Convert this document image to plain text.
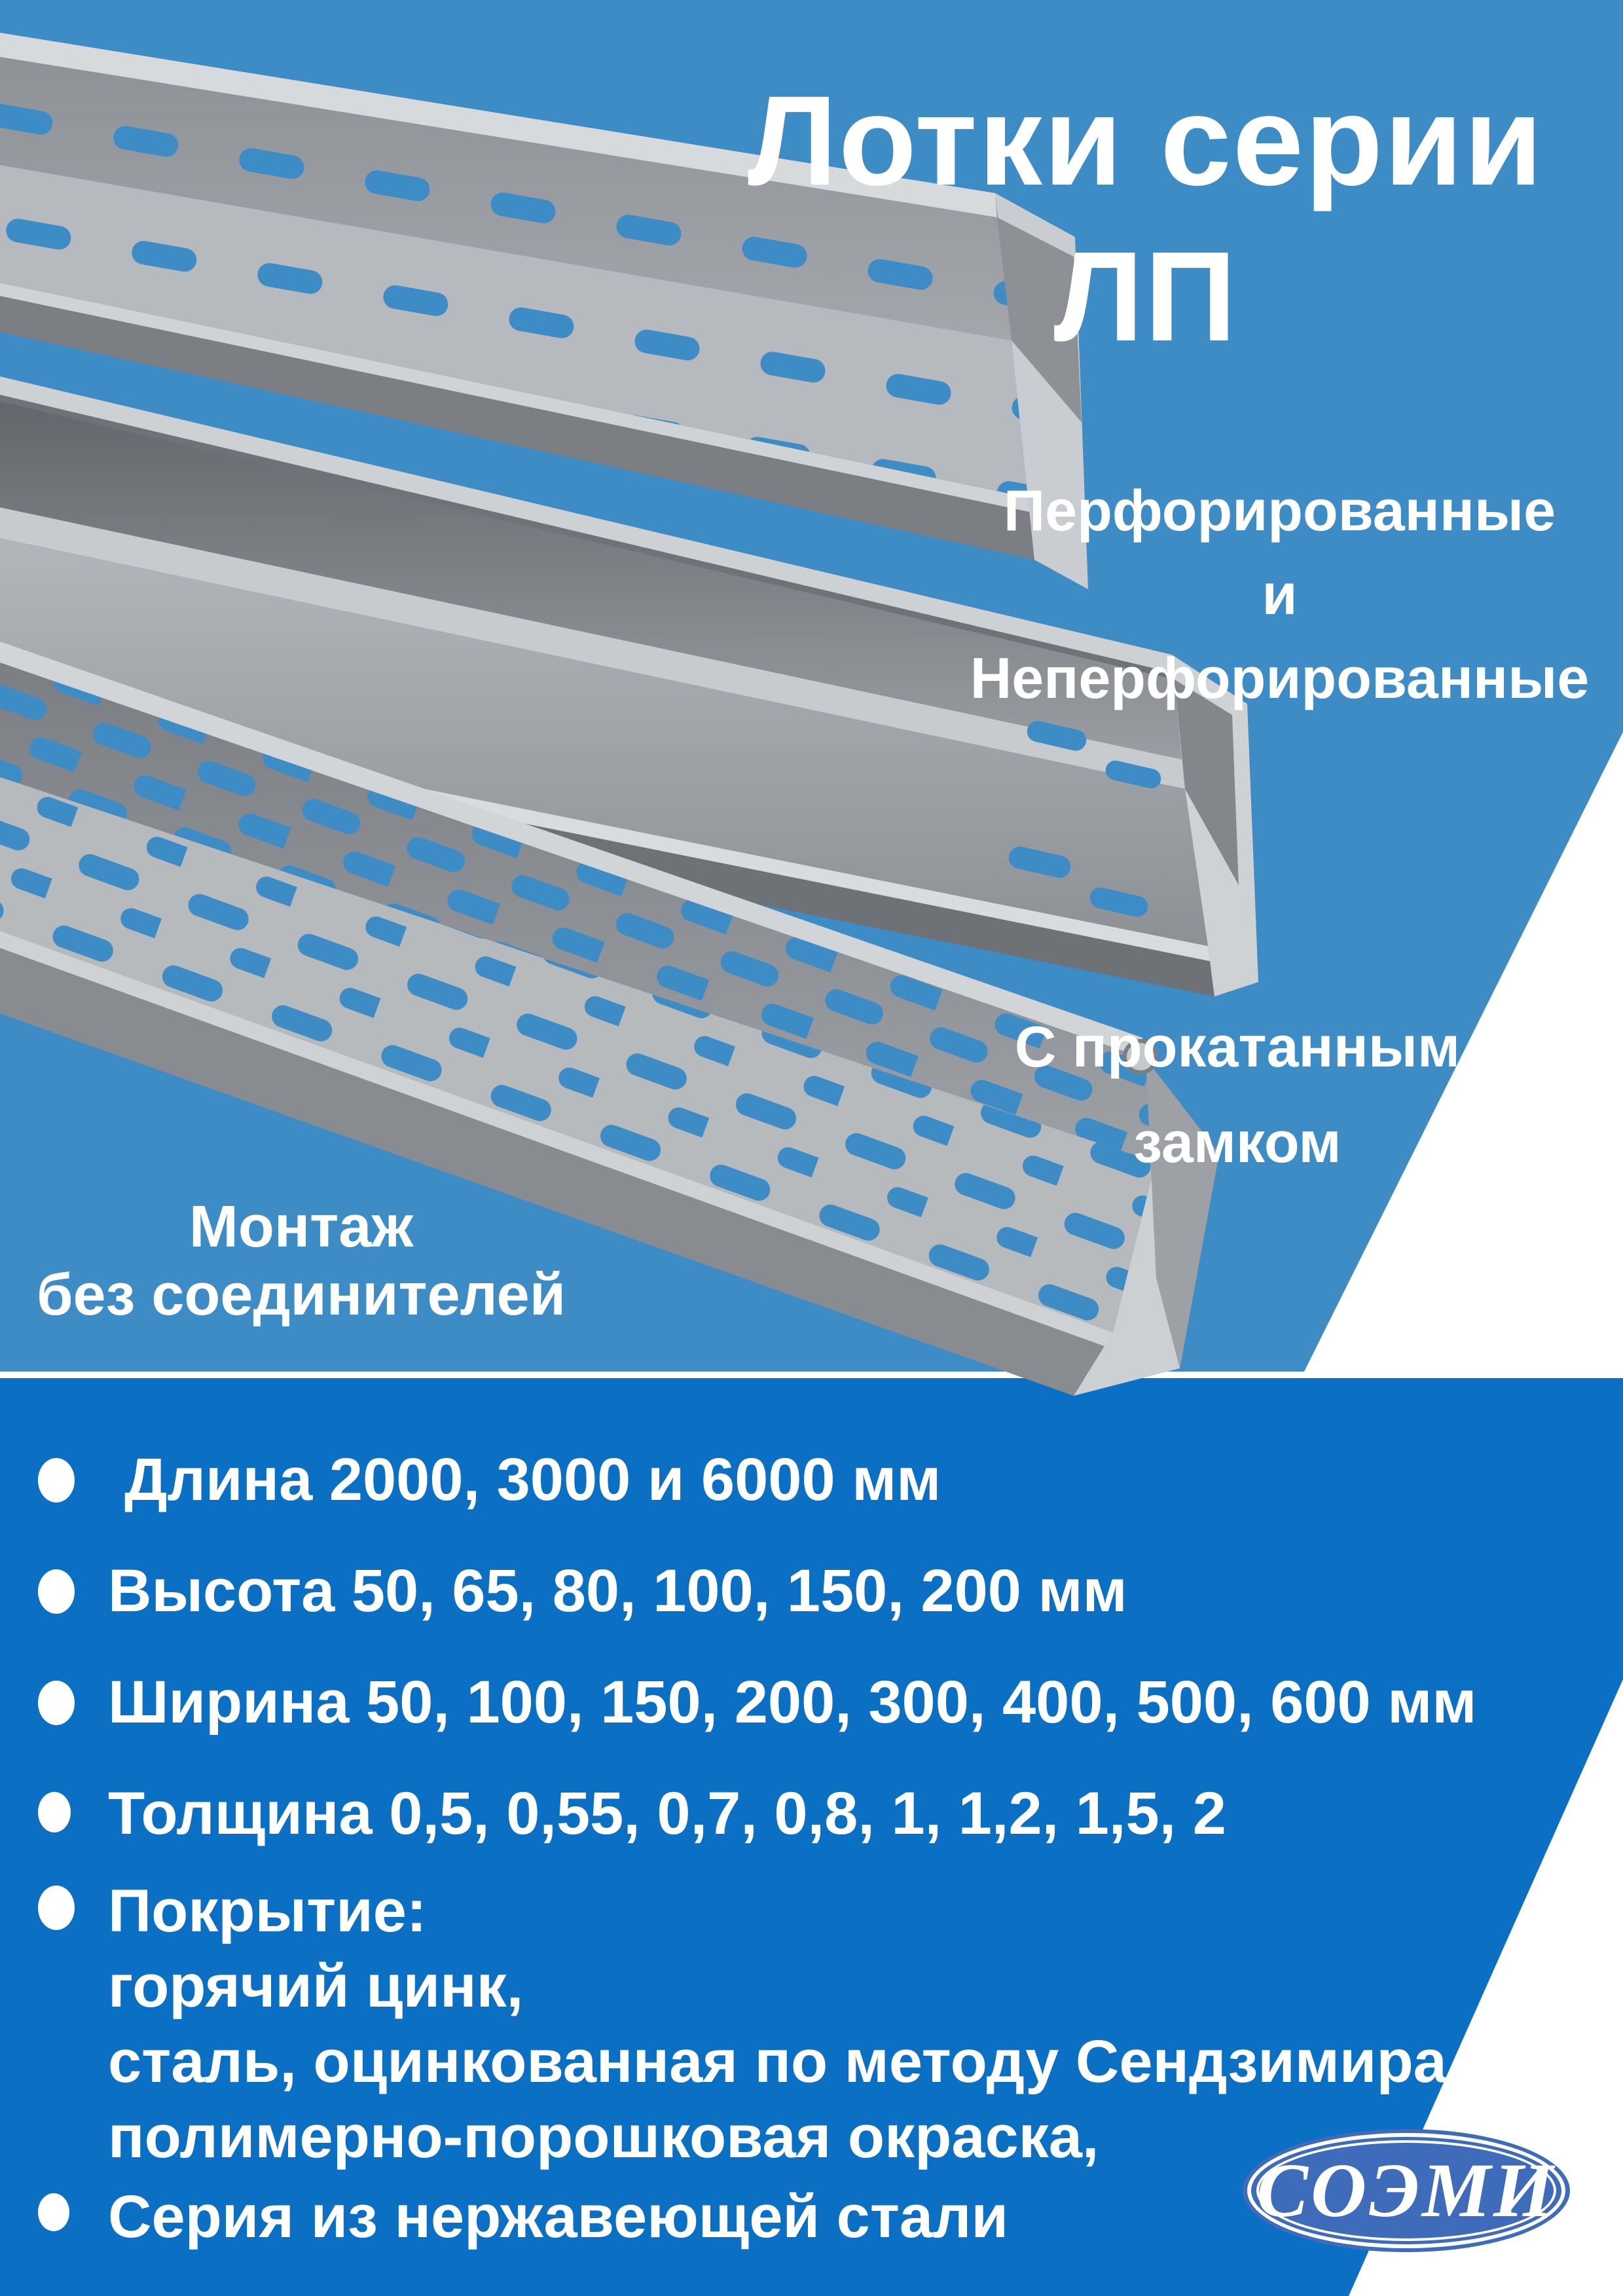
Лотки серии
ЛП
Перфорированные
и
Неперфорированные
С прокатанным
замком
Монтаж
без соединителей
Длина 2000, 3000 и 6000 мм
Высота 50, 65, 80, 100, 150, 200 мм
Ширина 50, 100, 150, 200, 300, 400, 500, 600 мм
Толщина 0,5, 0,55, 0,7, 0,8, 1, 1,2, 1,5, 2
Покрытие:
горячий цинк,
сталь, оцинкованная по методу Сендзимира,
полимерно-порошковая окраска,
Серия из нержавеющей стали	СОЭМИ
